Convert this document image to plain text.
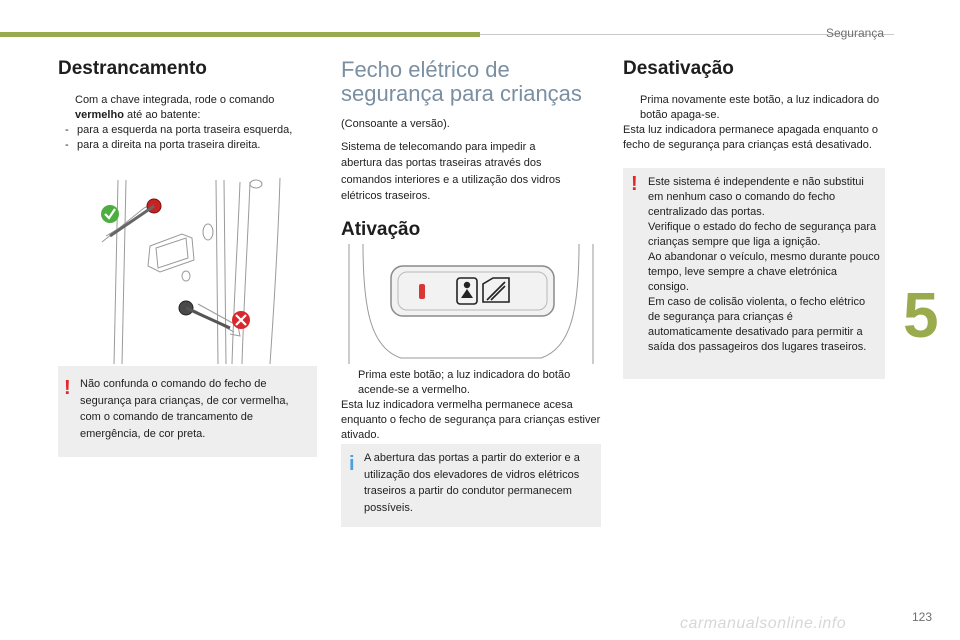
Segurança
5
123
carmanualsonline.info
Destrancamento
Com a chave integrada, rode o comando
vermelho até ao batente:
- para a esquerda na porta traseira esquerda,
- para a direita na porta traseira direita.
! Não confunda o comando do fecho de segurança para crianças, de cor vermelha, com o comando de trancamento de emergência, de cor preta.

Fecho elétrico de segurança para crianças

(Consoante a versão).

Sistema de telecomando para impedir a abertura das portas traseiras através dos comandos interiores e a utilização dos vidros elétricos traseiros.

Ativação
Prima este botão; a luz indicadora do botão acende-se a vermelho.

Esta luz indicadora vermelha permanece acesa enquanto o fecho de segurança para crianças estiver ativado.

i A abertura das portas a partir do exterior e a utilização dos elevadores de vidros elétricos traseiros a partir do condutor permanecem possíveis.

Desativação
Prima novamente este botão, a luz indicadora do botão apaga-se.

Esta luz indicadora permanece apagada enquanto o fecho de segurança para crianças está desativado.

! Este sistema é independente e não substitui em nenhum caso o comando do fecho centralizado das portas.

Verifique o estado do fecho de segurança para crianças sempre que liga a ignição.

Ao abandonar o veículo, mesmo durante pouco tempo, leve sempre a chave eletrónica consigo.

Em caso de colisão violenta, o fecho elétrico de segurança para crianças é automaticamente desativado para permitir a saída dos passageiros dos lugares traseiros.
